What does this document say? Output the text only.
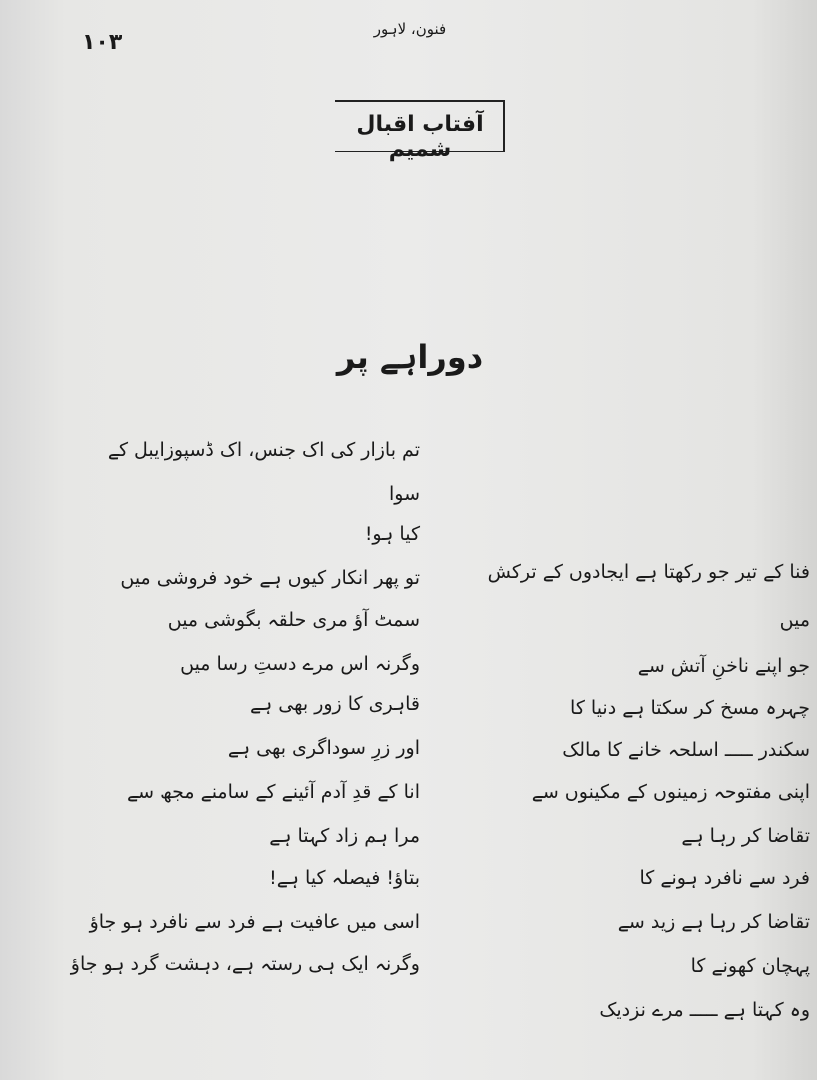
فنون، لاہور
۱۰۳
آفتاب اقبال شمیم
دوراہے پر
فنا کے تیر جو رکھتا ہے ایجادوں کے ترکش
میں
جو اپنے ناخنِ آتش سے
چہرہ مسخ کر سکتا ہے دنیا کا
سکندر ـــــ اسلحہ خانے کا مالک
اپنی مفتوحہ زمینوں کے مکینوں سے
تقاضا کر رہا ہے
فرد سے نافرد ہونے کا
تقاضا کر رہا ہے زید سے
پہچان کھونے کا
وہ کہتا ہے ـــــ مرے نزدیک
تم بازار کی اک جنس، اک ڈسپوزایبل کے
سوا
کیا ہو!
تو پھر انکار کیوں ہے خود فروشی میں
سمٹ آؤ مری حلقہ بگوشی میں
وگرنہ اس مرے دستِ رسا میں
قاہری کا زور بھی ہے
اور زرِ سوداگری بھی ہے
انا کے قدِ آدم آئینے کے سامنے مجھ سے
مرا ہم زاد کہتا ہے
بتاؤ! فیصلہ کیا ہے!
اسی میں عافیت ہے فرد سے نافرد ہو جاؤ
وگرنہ ایک ہی رستہ ہے، دہشت گرد ہو جاؤ
